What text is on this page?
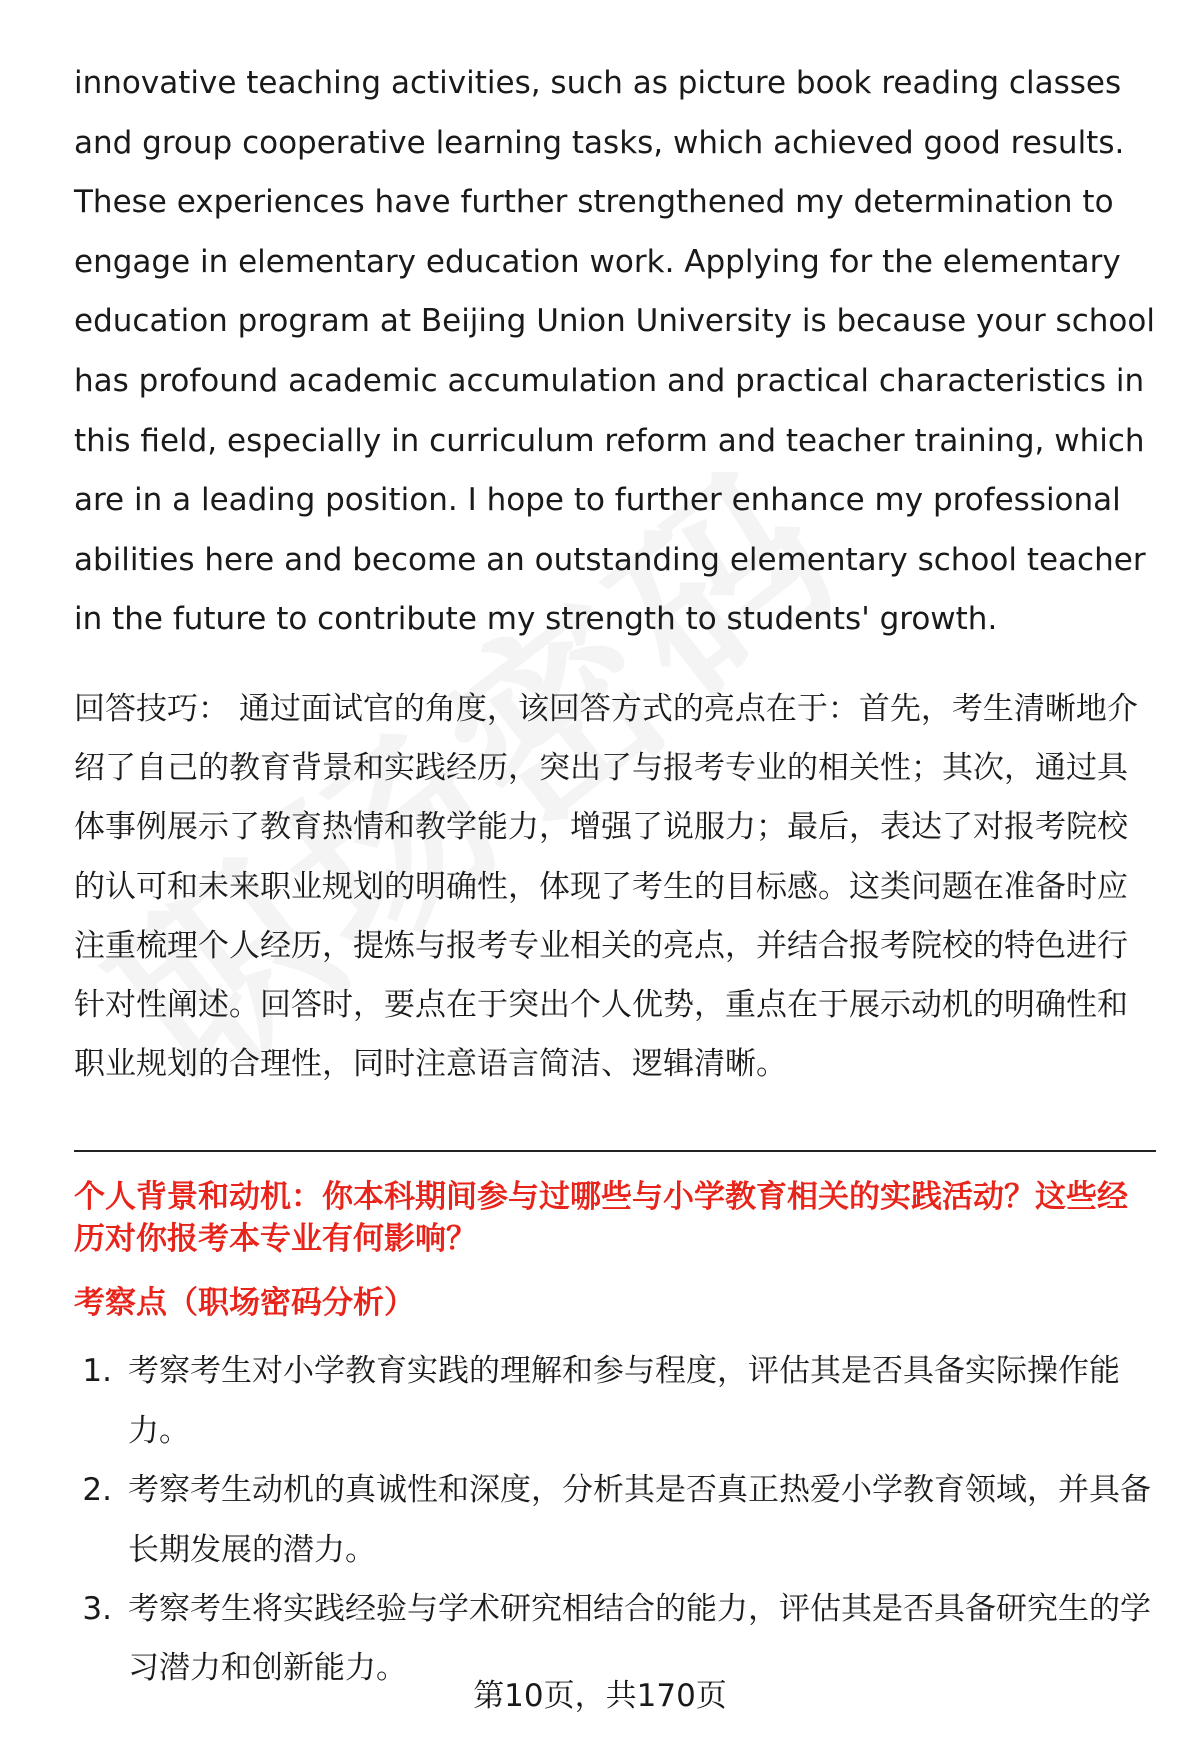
innovative teaching activities, such as picture book reading classes and group cooperative learning tasks, which achieved good results. These experiences have further strengthened my determination to engage in elementary education work. Applying for the elementary education program at Beijing Union University is because your school has profound academic accumulation and practical characteristics in this field, especially in curriculum reform and teacher training, which are in a leading position. I hope to further enhance my professional abilities here and become an outstanding elementary school teacher in the future to contribute my strength to students' growth.

回答技巧： 通过面试官的角度，该回答方式的亮点在于：首先，考生清晰地介绍了自己的教育背景和实践经历，突出了与报考专业的相关性；其次，通过具体事例展示了教育热情和教学能力，增强了说服力；最后，表达了对报考院校的认可和未来职业规划的明确性，体现了考生的目标感。这类问题在准备时应注重梳理个人经历，提炼与报考专业相关的亮点，并结合报考院校的特色进行针对性阐述。回答时，要点在于突出个人优势，重点在于展示动机的明确性和职业规划的合理性，同时注意语言简洁、逻辑清晰。

个人背景和动机：你本科期间参与过哪些与小学教育相关的实践活动？这些经历对你报考本专业有何影响？
考察点（职场密码分析）
1. 考察考生对小学教育实践的理解和参与程度，评估其是否具备实际操作能力。
2. 考察考生动机的真诚性和深度，分析其是否真正热爱小学教育领域，并具备长期发展的潜力。
3. 考察考生将实践经验与学术研究相结合的能力，评估其是否具备研究生的学习潜力和创新能力。
第10页，共170页
